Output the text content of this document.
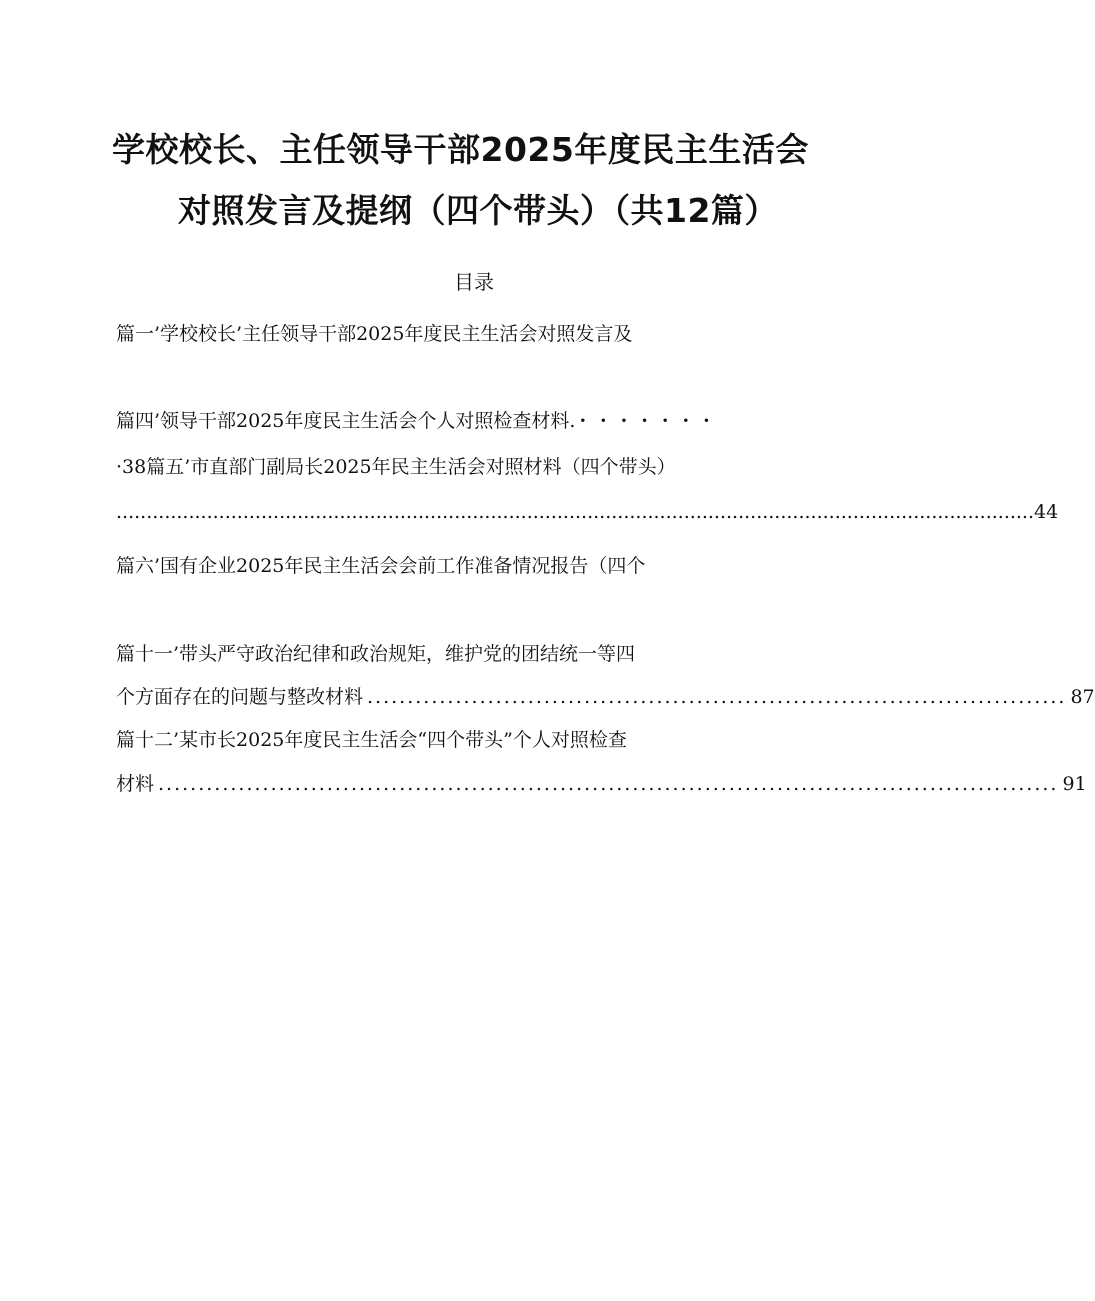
学校校长、主任领导干部2025年度民主生活会
对照发言及提纲（四个带头）（共12篇）
目录
篇一’学校校长’主任领导干部2025年度民主生活会对照发言及
篇四’领导干部2025年度民主生活会个人对照检查材料. ·······
·38篇五’市直部门副局长2025年民主生活会对照材料（四个带头）
........................................................................................................................................................ 44
篇六’国有企业2025年民主生活会会前工作准备情况报告（四个
篇十一’带头严守政治纪律和政治规矩，维护党的团结统一等四
个方面存在的问题与整改材料 ....................................................................................... 87
篇十二’某市长2025年度民主生活会“四个带头”个人对照检查
材料 ................................................................................................................ 91
